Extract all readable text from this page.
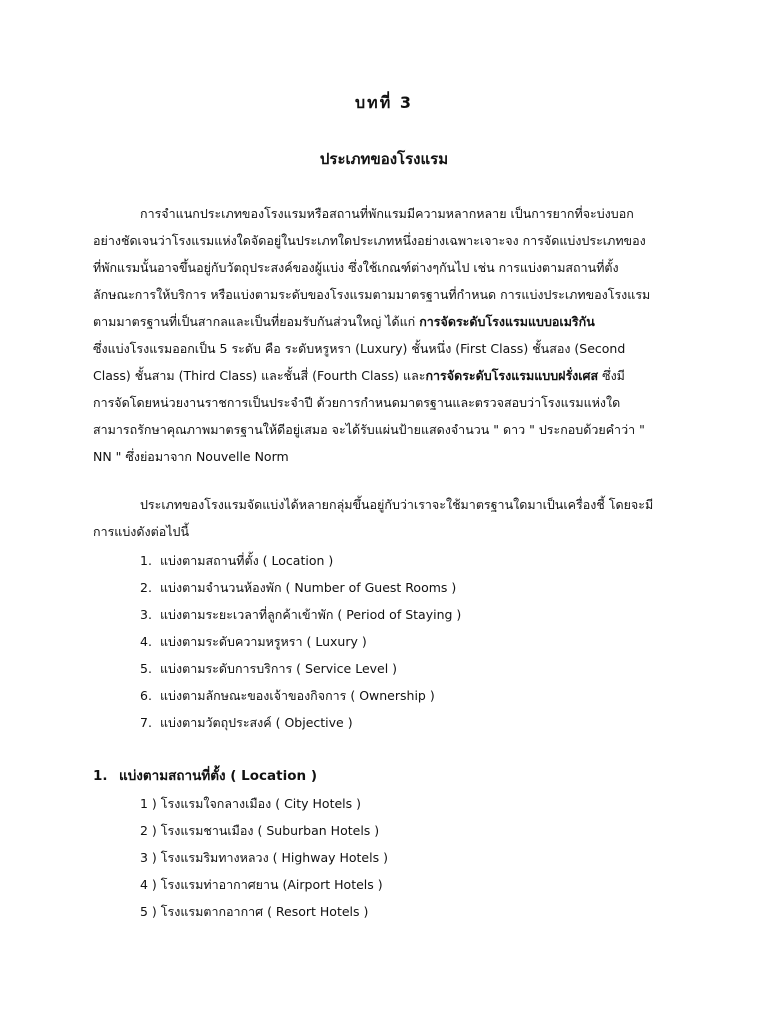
บทที่ 3
ประเภทของโรงแรม

การจำแนกประเภทของโรงแรมหรือสถานที่พักแรมมีความหลากหลาย เป็นการยากที่จะบ่งบอก
อย่างชัดเจนว่าโรงแรมแห่งใดจัดอยู่ในประเภทใดประเภทหนึ่งอย่างเฉพาะเจาะจง การจัดแบ่งประเภทของ
ที่พักแรมนั้นอาจขึ้นอยู่กับวัตถุประสงค์ของผู้แบ่ง ซึ่งใช้เกณฑ์ต่างๆกันไป เช่น การแบ่งตามสถานที่ตั้ง
ลักษณะการให้บริการ หรือแบ่งตามระดับของโรงแรมตามมาตรฐานที่กำหนด การแบ่งประเภทของโรงแรม
ตามมาตรฐานที่เป็นสากลและเป็นที่ยอมรับกันส่วนใหญ่ ได้แก่ การจัดระดับโรงแรมแบบอเมริกัน
ซึ่งแบ่งโรงแรมออกเป็น 5 ระดับ คือ ระดับหรูหรา (Luxury) ชั้นหนึ่ง (First Class) ชั้นสอง (Second
Class) ชั้นสาม (Third Class) และชั้นสี่ (Fourth Class) และการจัดระดับโรงแรมแบบฝรั่งเศส ซึ่งมี
การจัดโดยหน่วยงานราชการเป็นประจำปี ด้วยการกำหนดมาตรฐานและตรวจสอบว่าโรงแรมแห่งใด
สามารถรักษาคุณภาพมาตรฐานให้ดีอยู่เสมอ จะได้รับแผ่นป้ายแสดงจำนวน " ดาว " ประกอบด้วยคำว่า "
NN " ซึ่งย่อมาจาก Nouvelle Norm

ประเภทของโรงแรมจัดแบ่งได้หลายกลุ่มขึ้นอยู่กับว่าเราจะใช้มาตรฐานใดมาเป็นเครื่องชี้ โดยจะมี
การแบ่งดังต่อไปนี้

1. แบ่งตามสถานที่ตั้ง ( Location )
2. แบ่งตามจำนวนห้องพัก ( Number of Guest Rooms )
3. แบ่งตามระยะเวลาที่ลูกค้าเข้าพัก ( Period of Staying )
4. แบ่งตามระดับความหรูหรา ( Luxury )
5. แบ่งตามระดับการบริการ ( Service Level )
6. แบ่งตามลักษณะของเจ้าของกิจการ ( Ownership )
7. แบ่งตามวัตถุประสงค์ ( Objective )
1. แบ่งตามสถานที่ตั้ง ( Location )
1 ) โรงแรมใจกลางเมือง ( City Hotels )
2 ) โรงแรมชานเมือง ( Suburban Hotels )
3 ) โรงแรมริมทางหลวง ( Highway Hotels )
4 ) โรงแรมท่าอากาศยาน (Airport Hotels )
5 ) โรงแรมตากอากาศ ( Resort Hotels )
